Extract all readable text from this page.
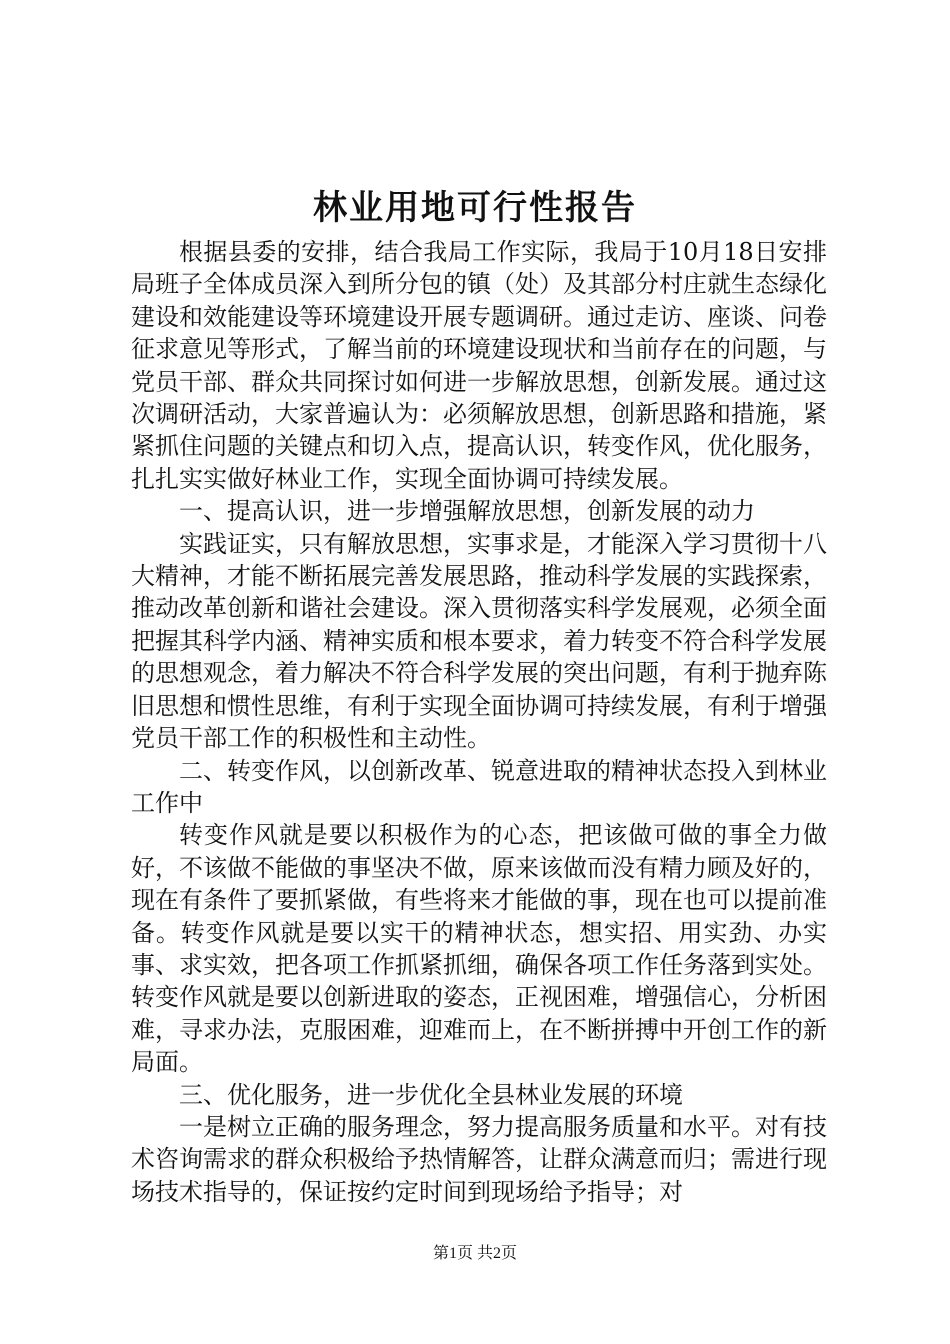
林业用地可行性报告

根据县委的安排，结合我局工作实际，我局于10月18日安排局班子全体成员深入到所分包的镇（处）及其部分村庄就生态绿化建设和效能建设等环境建设开展专题调研。通过走访、座谈、问卷征求意见等形式，了解当前的环境建设现状和当前存在的问题，与党员干部、群众共同探讨如何进一步解放思想，创新发展。通过这次调研活动，大家普遍认为：必须解放思想，创新思路和措施，紧紧抓住问题的关键点和切入点，提高认识，转变作风，优化服务，扎扎实实做好林业工作，实现全面协调可持续发展。

一、提高认识，进一步增强解放思想，创新发展的动力

实践证实，只有解放思想，实事求是，才能深入学习贯彻十八大精神，才能不断拓展完善发展思路，推动科学发展的实践探索，推动改革创新和谐社会建设。深入贯彻落实科学发展观，必须全面把握其科学内涵、精神实质和根本要求，着力转变不符合科学发展的思想观念，着力解决不符合科学发展的突出问题，有利于抛弃陈旧思想和惯性思维，有利于实现全面协调可持续发展，有利于增强党员干部工作的积极性和主动性。

二、转变作风，以创新改革、锐意进取的精神状态投入到林业工作中

转变作风就是要以积极作为的心态，把该做可做的事全力做好，不该做不能做的事坚决不做，原来该做而没有精力顾及好的，现在有条件了要抓紧做，有些将来才能做的事，现在也可以提前准备。转变作风就是要以实干的精神状态，想实招、用实劲、办实事、求实效，把各项工作抓紧抓细，确保各项工作任务落到实处。转变作风就是要以创新进取的姿态，正视困难，增强信心，分析困难，寻求办法，克服困难，迎难而上，在不断拼搏中开创工作的新局面。

三、优化服务，进一步优化全县林业发展的环境

一是树立正确的服务理念，努力提高服务质量和水平。对有技术咨询需求的群众积极给予热情解答，让群众满意而归；需进行现场技术指导的，保证按约定时间到现场给予指导；对

第1页 共2页
